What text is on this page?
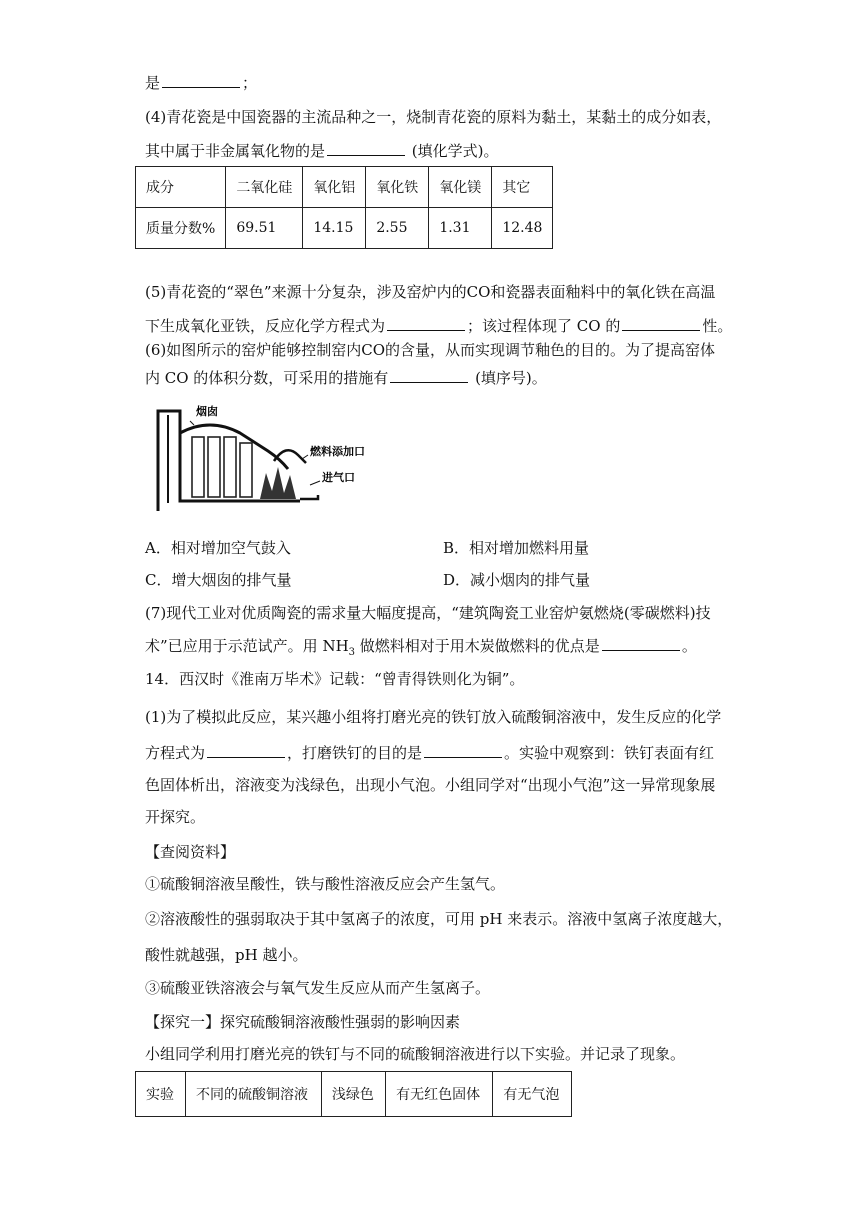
是	；
(4)青花瓷是中国瓷器的主流品种之一，烧制青花瓷的原料为黏土，某黏土的成分如表，
其中属于非金属氧化物的是	(填化学式)。
成分	二氧化硅	氧化铝	氧化铁	氧化镁	其它
质量分数%	69.51	14.15	2.55	1.31	12.48
(5)青花瓷的“翠色”来源十分复杂，涉及窑炉内的CO和瓷器表面釉料中的氧化铁在高温
下生成氧化亚铁，反应化学方程式为	；该过程体现了 CO 的	性。
(6)如图所示的窑炉能够控制窑内CO的含量，从而实现调节釉色的目的。为了提高窑体
内 CO 的体积分数，可采用的措施有	(填序号)。
烟囱
燃料添加口
进气口
A．相对增加空气鼓入	B．相对增加燃料用量
C．增大烟囱的排气量	D．减小烟肉的排气量
(7)现代工业对优质陶瓷的需求量大幅度提高，“建筑陶瓷工业窑炉氨燃烧(零碳燃料)技
术”已应用于示范试产。用 $NH_3$ 做燃料相对于用木炭做燃料的优点是	。
14．西汉时《淮南万毕术》记载：“曾青得铁则化为铜”。
(1)为了模拟此反应，某兴趣小组将打磨光亮的铁钉放入硫酸铜溶液中，发生反应的化学
方程式为	，打磨铁钉的目的是	。实验中观察到：铁钉表面有红
色固体析出，溶液变为浅绿色，出现小气泡。小组同学对“出现小气泡”这一异常现象展
开探究。
【查阅资料】
①硫酸铜溶液呈酸性，铁与酸性溶液反应会产生氢气。
②溶液酸性的强弱取决于其中氢离子的浓度，可用 pH 来表示。溶液中氢离子浓度越大，
酸性就越强，pH 越小。
③硫酸亚铁溶液会与氧气发生反应从而产生氢离子。
【探究一】探究硫酸铜溶液酸性强弱的影响因素
小组同学利用打磨光亮的铁钉与不同的硫酸铜溶液进行以下实验。并记录了现象。
实验	不同的硫酸铜溶液	浅绿色	有无红色固体	有无气泡
